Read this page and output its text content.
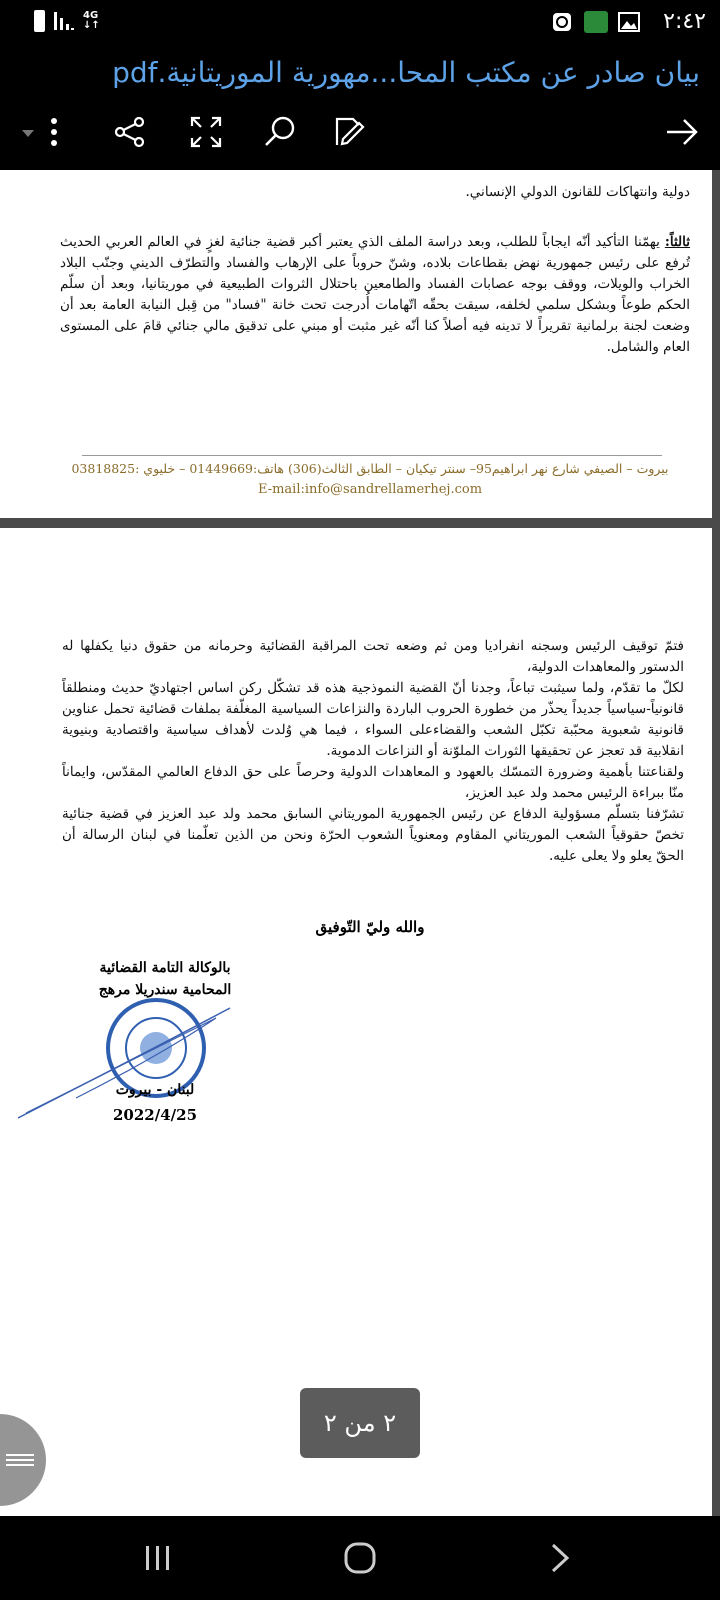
4G
↓↑	٢:٤٢
بيان صادر عن مكتب المحا...مهورية الموريتانية.pdf
دولية وانتهاكات للقانون الدولي الإنساني.
ثالثاً: يهمّنا التأكيد أنّه ايجاباً للطلب، وبعد دراسة الملف الذي يعتبر أكبر قضية جنائية لغزٍ في العالم العربي الحديث تُرفع على رئيس جمهورية نهض بقطاعات بلاده، وشنّ حروباً على الإرهاب والفساد والتطرّف الديني وجنّب البلاد الخراب والويلات، ووقف بوجه عصابات الفساد والطامعين باحتلال الثروات الطبيعية في موريتانيا، وبعد أن سلّم الحكم طوعاً وبشكل سلمي لخلفه، سيقت بحقّه اتّهامات أُدرجت تحت خانة "فساد" من قِبل النيابة العامة بعد أن وضعت لجنة برلمانية تقريراً لا تدينه فيه أصلاً كنا أنّه غير مثبت أو مبني على تدقيق مالي جنائي قامَ على المستوى العام والشامل.
بيروت – الصيفي شارع نهر ابراهيم95– سنتر تيكيان – الطابق الثالث(306) هاتف:01449669 – خليوي :03818825
E-mail:info@sandrellamerhej.com
فتمّ توقيف الرئيس وسجنه انفراديا ومن ثم وضعه تحت المراقبة القضائية وحرمانه من حقوق دنيا يكفلها له الدستور والمعاهدات الدولية،
لكلّ ما تقدّم، ولما سيثبت تباعاً، وجدنا أنّ القضية النموذجية هذه قد تشكّل ركن اساس اجتهاديّ حديث ومنطلقاً قانونياً-سياسياً جديداً يحذّر من خطورة الحروب الباردة والنزاعات السياسية المغلّفة بملفات قضائية تحمل عناوين قانونية شعبوية محبّبة تكبّل الشعب والقضاءعلى السواء ، فيما هي وُلدت لأهداف سياسية واقتصادية وبنيوية انقلابية قد تعجز عن تحقيقها الثورات الملوّنة أو النزاعات الدموية.
ولقناعتنا بأهمية وضرورة التمسّك بالعهود و المعاهدات الدولية وحرصاً على حق الدفاع العالمي المقدّس، وايماناً منّا ببراءة الرئيس محمد ولد عبد العزيز،
تشرّفنا بتسلّم مسؤولية الدفاع عن رئيس الجمهورية الموريتاني السابق محمد ولد عبد العزيز في قضية جنائية تخصّ حقوقياً الشعب الموريتاني المقاوم ومعنوياً الشعوب الحرّة ونحن من الذين تعلّمنا في لبنان الرسالة أن الحقّ يعلو ولا يعلى عليه.
والله وليّ التّوفيق
بالوكالة التامة القضائية
المحامية سندريلا مرهج
لبنان - بيروت
2022/4/25
٢ من ٢
